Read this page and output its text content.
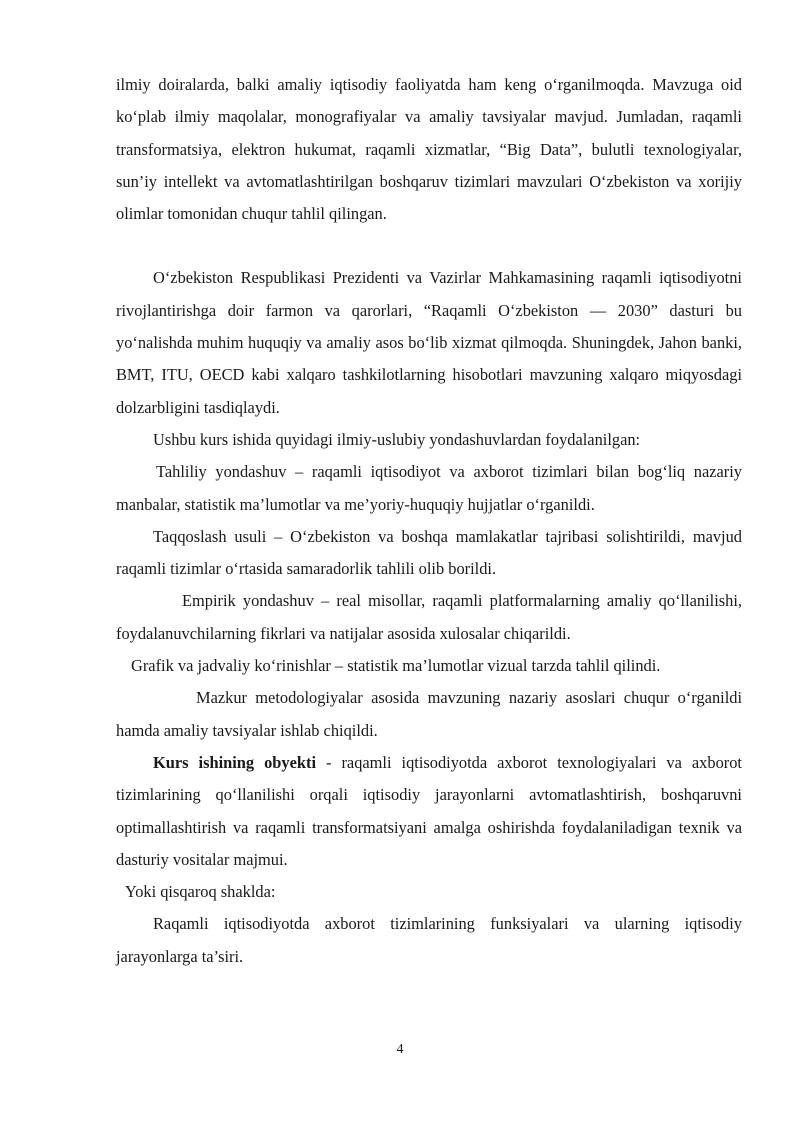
ilmiy doiralarda, balki amaliy iqtisodiy faoliyatda ham keng o‘rganilmoqda. Mavzuga oid ko‘plab ilmiy maqolalar, monografiyalar va amaliy tavsiyalar mavjud. Jumladan, raqamli transformatsiya, elektron hukumat, raqamli xizmatlar, “Big Data”, bulutli texnologiyalar, sun’iy intellekt va avtomatlashtirilgan boshqaruv tizimlari mavzulari O‘zbekiston va xorijiy olimlar tomonidan chuqur tahlil qilingan.

O‘zbekiston Respublikasi Prezidenti va Vazirlar Mahkamasining raqamli iqtisodiyotni rivojlantirishga doir farmon va qarorlari, “Raqamli O‘zbekiston — 2030” dasturi bu yo‘nalishda muhim huquqiy va amaliy asos bo‘lib xizmat qilmoqda. Shuningdek, Jahon banki, BMT, ITU, OECD kabi xalqaro tashkilotlarning hisobotlari mavzuning xalqaro miqyosdagi dolzarbligini tasdiqlaydi.

Ushbu kurs ishida quyidagi ilmiy-uslubiy yondashuvlardan foydalanilgan:

Tahliliy yondashuv – raqamli iqtisodiyot va axborot tizimlari bilan bog‘liq nazariy manbalar, statistik ma’lumotlar va me’yoriy-huquqiy hujjatlar o‘rganildi.

Taqqoslash usuli – O‘zbekiston va boshqa mamlakatlar tajribasi solishtirildi, mavjud raqamli tizimlar o‘rtasida samaradorlik tahlili olib borildi.

Empirik yondashuv – real misollar, raqamli platformalarning amaliy qo‘llanilishi, foydalanuvchilarning fikrlari va natijalar asosida xulosalar chiqarildi.

Grafik va jadvaliy ko‘rinishlar – statistik ma’lumotlar vizual tarzda tahlil qilindi.

Mazkur metodologiyalar asosida mavzuning nazariy asoslari chuqur o‘rganildi hamda amaliy tavsiyalar ishlab chiqildi.

Kurs ishining obyekti - raqamli iqtisodiyotda axborot texnologiyalari va axborot tizimlarining qo‘llanilishi orqali iqtisodiy jarayonlarni avtomatlashtirish, boshqaruvni optimallashtirish va raqamli transformatsiyani amalga oshirishda foydalaniladigan texnik va dasturiy vositalar majmui.

Yoki qisqaroq shaklda:

Raqamli iqtisodiyotda axborot tizimlarining funksiyalari va ularning iqtisodiy jarayonlarga ta’siri.

4
